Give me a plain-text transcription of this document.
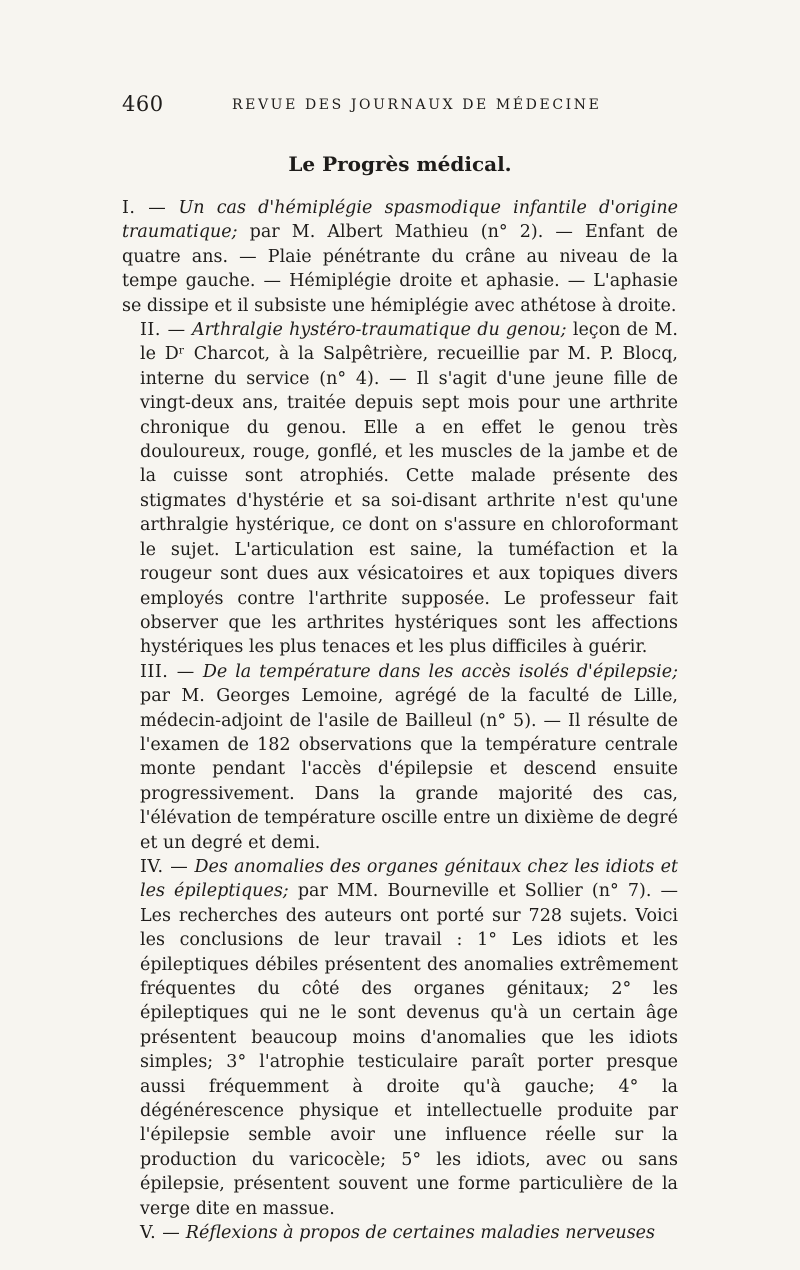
460	REVUE DES JOURNAUX DE MÉDECINE
Le Progrès médical.

I. — Un cas d'hémiplégie spasmodique infantile d'origine traumatique; par M. Albert Mathieu (n° 2). — Enfant de quatre ans. — Plaie pénétrante du crâne au niveau de la tempe gauche. — Hémiplégie droite et aphasie. — L'aphasie se dissipe et il subsiste une hémiplégie avec athétose à droite.

II. — Arthralgie hystéro-traumatique du genou; leçon de M. le Dʳ Charcot, à la Salpêtrière, recueillie par M. P. Blocq, interne du service (n° 4). — Il s'agit d'une jeune fille de vingt-deux ans, traitée depuis sept mois pour une arthrite chronique du genou. Elle a en effet le genou très douloureux, rouge, gonflé, et les muscles de la jambe et de la cuisse sont atrophiés. Cette malade présente des stigmates d'hystérie et sa soi-disant arthrite n'est qu'une arthralgie hystérique, ce dont on s'assure en chloroformant le sujet. L'articulation est saine, la tuméfaction et la rougeur sont dues aux vésicatoires et aux topiques divers employés contre l'arthrite supposée. Le professeur fait observer que les arthrites hystériques sont les affections hystériques les plus tenaces et les plus difficiles à guérir.

III. — De la température dans les accès isolés d'épilepsie; par M. Georges Lemoine, agrégé de la faculté de Lille, médecin-adjoint de l'asile de Bailleul (n° 5). — Il résulte de l'examen de 182 observations que la température centrale monte pendant l'accès d'épilepsie et descend ensuite progressivement. Dans la grande majorité des cas, l'élévation de température oscille entre un dixième de degré et un degré et demi.

IV. — Des anomalies des organes génitaux chez les idiots et les épileptiques; par MM. Bourneville et Sollier (n° 7). — Les recherches des auteurs ont porté sur 728 sujets. Voici les conclusions de leur travail : 1° Les idiots et les épileptiques débiles présentent des anomalies extrêmement fréquentes du côté des organes génitaux; 2° les épileptiques qui ne le sont devenus qu'à un certain âge présentent beaucoup moins d'anomalies que les idiots simples; 3° l'atrophie testiculaire paraît porter presque aussi fréquemment à droite qu'à gauche; 4° la dégénérescence physique et intellectuelle produite par l'épilepsie semble avoir une influence réelle sur la production du varicocèle; 5° les idiots, avec ou sans épilepsie, présentent souvent une forme particulière de la verge dite en massue.

V. — Réflexions à propos de certaines maladies nerveuses
